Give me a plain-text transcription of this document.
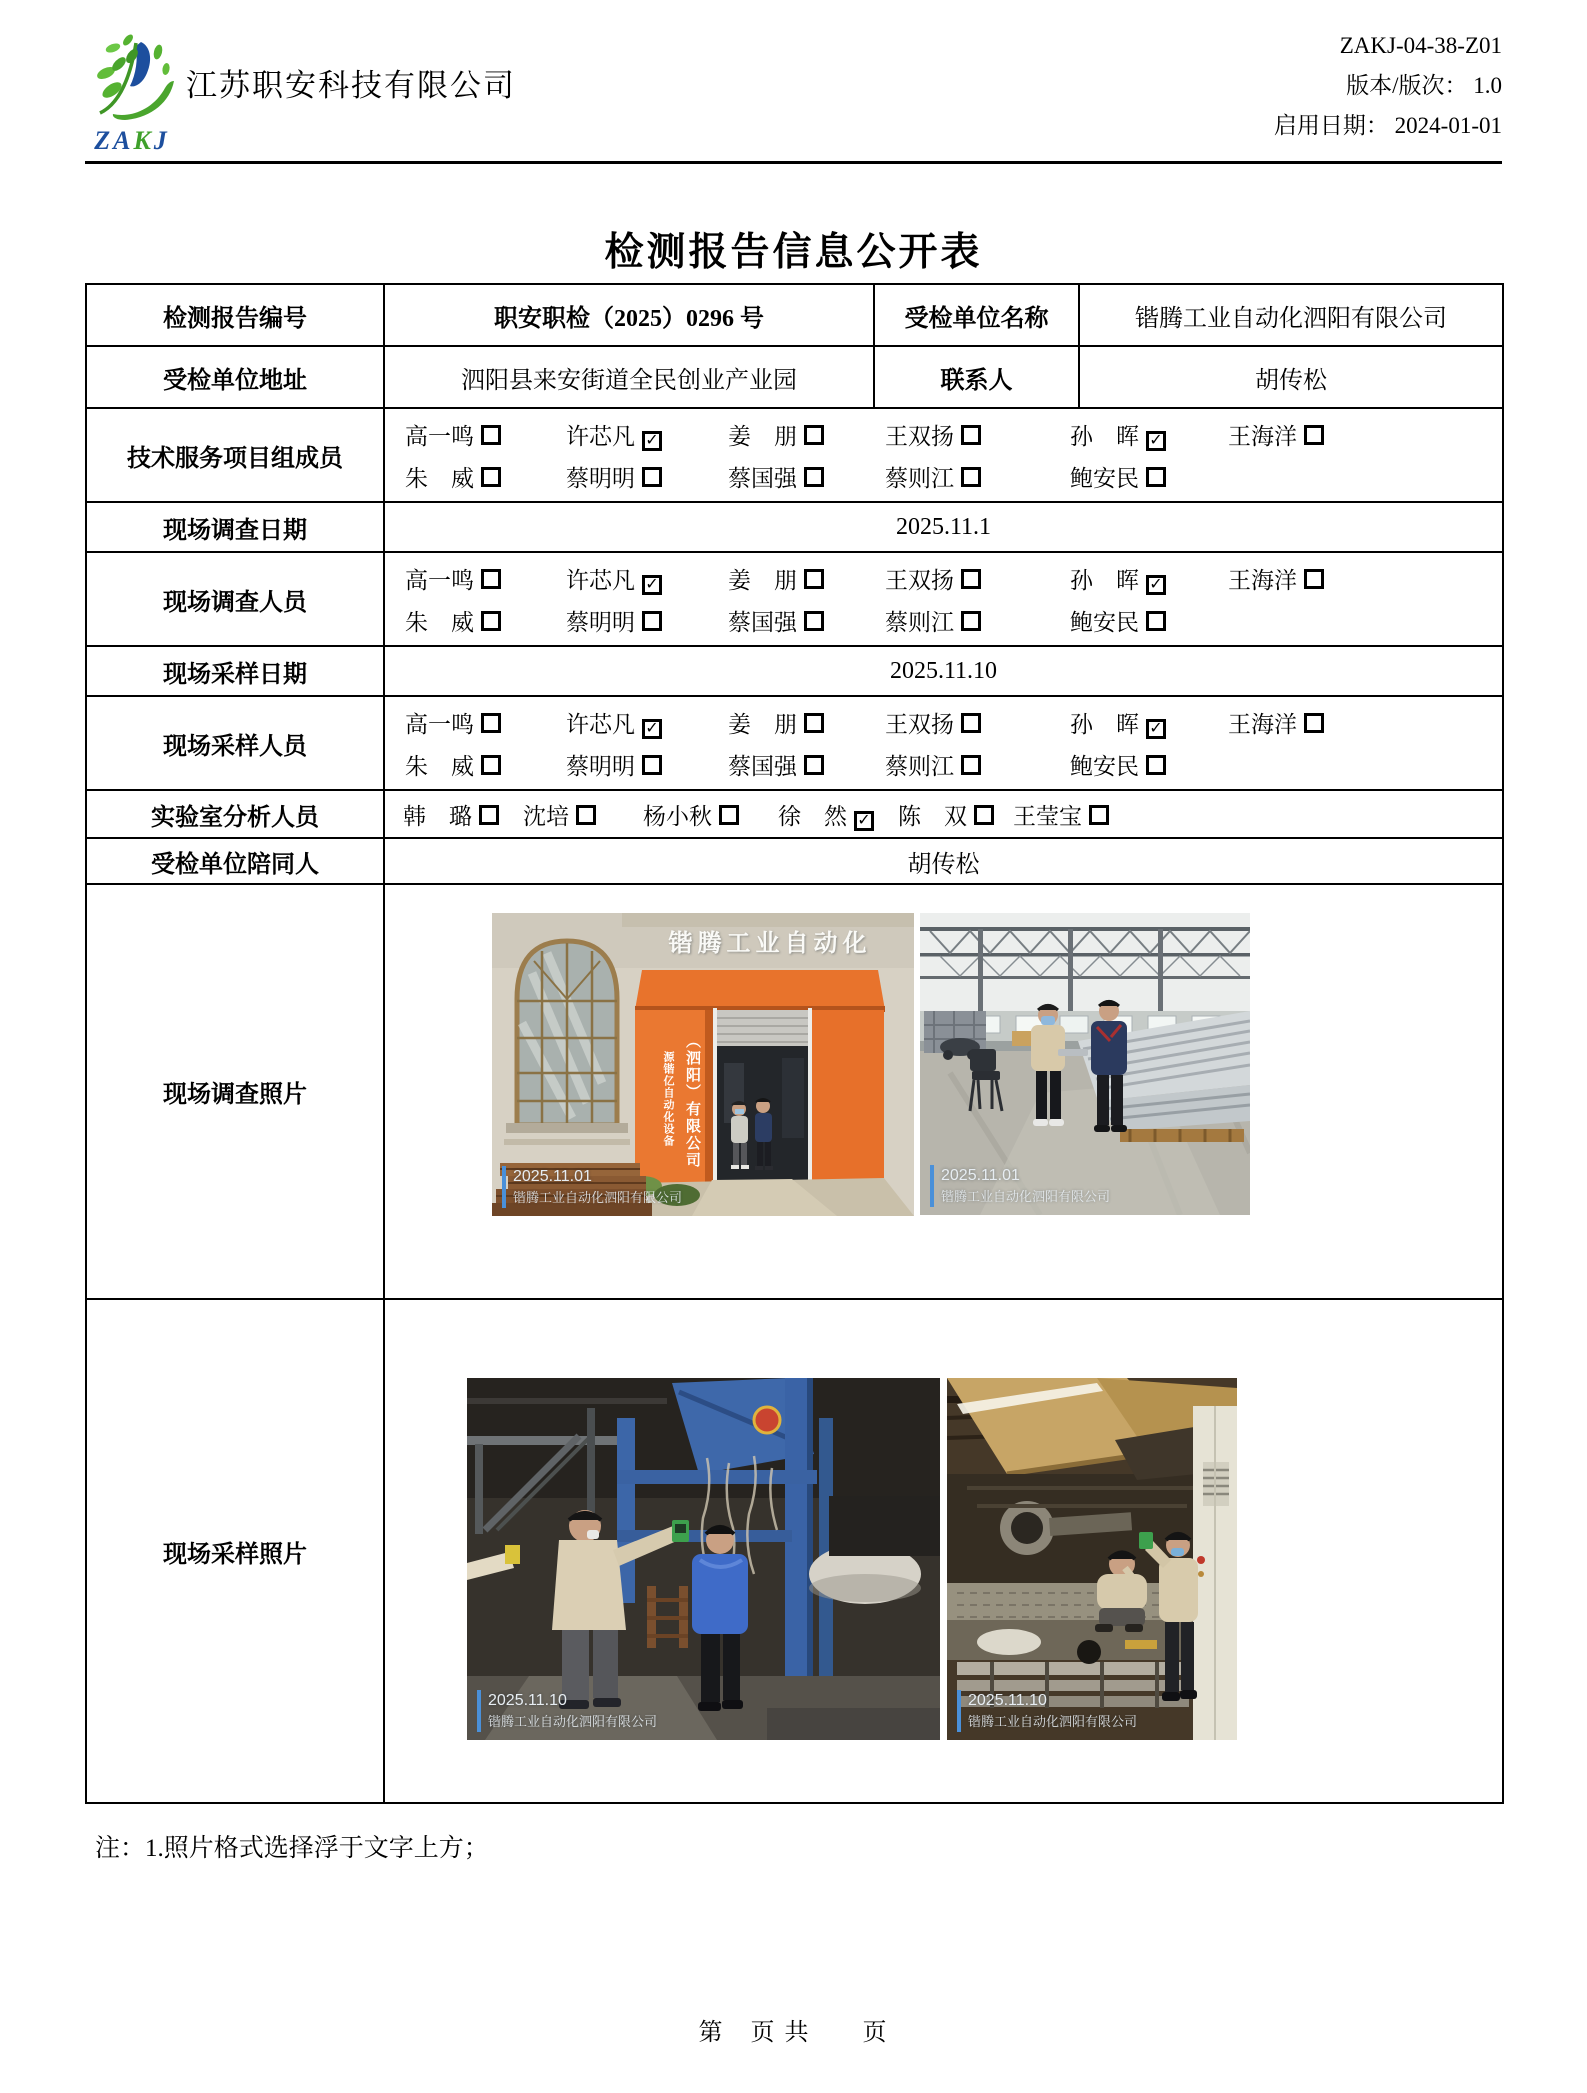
ZAKJ
江苏职安科技有限公司
ZAKJ-04-38-Z01
版本/版次： 1.0
启用日期： 2024-01-01
检测报告信息公开表
检测报告编号	职安职检（2025）0296 号	受检单位名称	锴腾工业自动化泗阳有限公司
受检单位地址	泗阳县来安街道全民创业产业园	联系人	胡传松
技术服务项目组成员	高一鸣 许芯凡 ✓ 姜　朋 王双扬 孙　晖 ✓ 王海洋
朱　威 蔡明明 蔡国强 蔡则江 鲍安民		

现场调查日期	2025.11.1		
现场调查人员	高一鸣 许芯凡 ✓ 姜　朋 王双扬 孙　晖 ✓ 王海洋
朱　威 蔡明明 蔡国强 蔡则江 鲍安民		

现场采样日期	2025.11.10		
现场采样人员	高一鸣 许芯凡 ✓ 姜　朋 王双扬 孙　晖 ✓ 王海洋
朱　威 蔡明明 蔡国强 蔡则江 鲍安民		

实验室分析人员	韩　璐 沈培 杨小秋 徐　然 ✓ 陈　双 王莹宝		

受检单位陪同人	胡传松		
现场调查照片	
锴腾工业自动化
（泗阳）有限公司
源锴亿自动化设备
2025.11.01
锴腾工业自动化泗阳有限公司
2025.11.01
锴腾工业自动化泗阳有限公司

现场采样照片	2025.11.10
锴腾工业自动化泗阳有限公司
2025.11.10
锴腾工业自动化泗阳有限公司		
注：1.照片格式选择浮于文字上方；
第　页 共　　页
